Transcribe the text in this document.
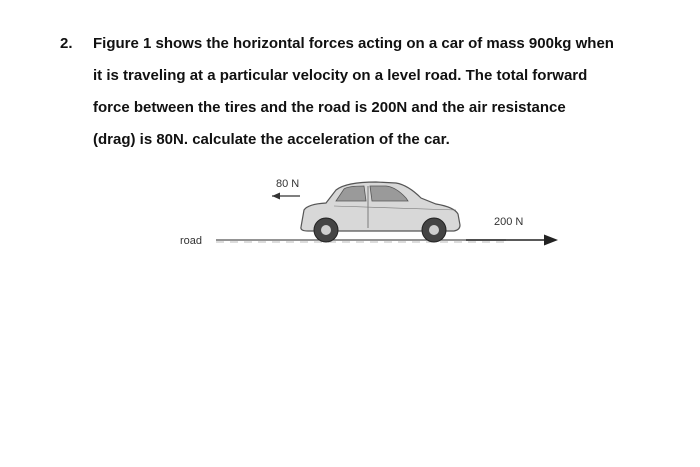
2. Figure 1 shows the horizontal forces acting on a car of mass 900kg when
it is traveling at a particular velocity on a level road. The total forward
force between the tires and the road is 200N and the air resistance
(drag) is 80N. calculate the acceleration of the car.
road
80 N
200 N
